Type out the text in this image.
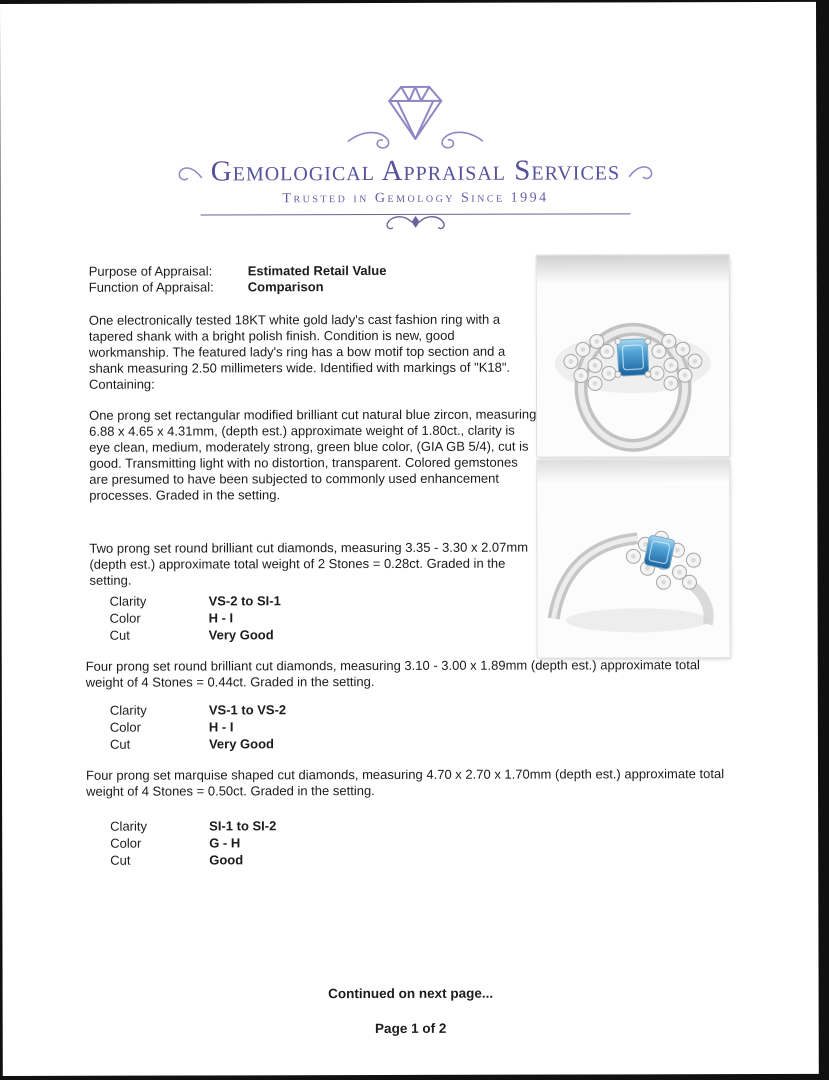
Gemological Appraisal Services
Trusted in Gemology Since 1994
Purpose of Appraisal:	Estimated Retail Value
Function of Appraisal:	Comparison

One electronically tested 18KT white gold lady's cast fashion ring with a tapered shank with a bright polish finish. Condition is new, good workmanship. The featured lady's ring has a bow motif top section and a shank measuring 2.50 millimeters wide. Identified with markings of "K18". Containing:

One prong set rectangular modified brilliant cut natural blue zircon, measuring 6.88 x 4.65 x 4.31mm, (depth est.) approximate weight of 1.80ct., clarity is eye clean, medium, moderately strong, green blue color, (GIA GB 5/4), cut is good. Transmitting light with no distortion, transparent. Colored gemstones are presumed to have been subjected to commonly used enhancement processes. Graded in the setting.

Two prong set round brilliant cut diamonds, measuring 3.35 - 3.30 x 2.07mm (depth est.) approximate total weight of 2 Stones = 0.28ct. Graded in the setting.

Clarity	VS-2 to SI-1
Color	H - I
Cut	Very Good

Four prong set round brilliant cut diamonds, measuring 3.10 - 3.00 x 1.89mm (depth est.) approximate total weight of 4 Stones = 0.44ct. Graded in the setting.

Clarity	VS-1 to VS-2
Color	H - I
Cut	Very Good

Four prong set marquise shaped cut diamonds, measuring 4.70 x 2.70 x 1.70mm (depth est.) approximate total weight of 4 Stones = 0.50ct. Graded in the setting.

Clarity	SI-1 to SI-2
Color	G - H
Cut	Good
Continued on next page...
Page 1 of 2
